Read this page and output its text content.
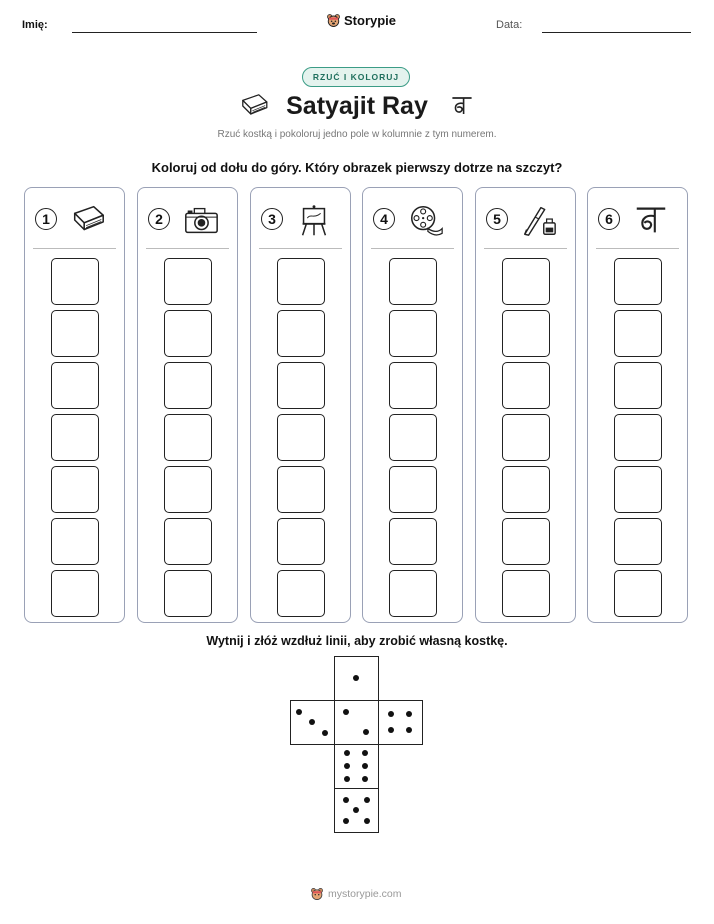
Imię:	Storypie	Data:
RZUĆ I KOLORUJ
Satyajit Ray
Rzuć kostką i pokoloruj jedno pole w kolumnie z tym numerem.
Koloruj od dołu do góry. Który obrazek pierwszy dotrze na szczyt?
1	2	3	4	5	6
Wytnij i złóż wzdłuż linii, aby zrobić własną kostkę.
mystorypie.com
